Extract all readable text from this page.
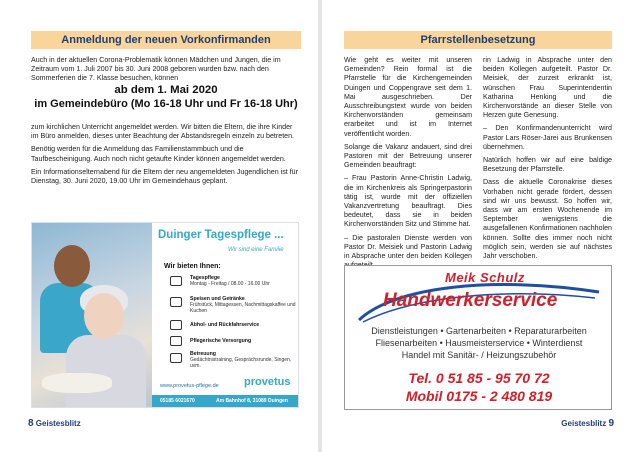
Anmeldung der neuen Vorkonfirmanden
Auch in der aktuellen Corona-Problematik können Mädchen und Jungen, die im Zeitraum vom 1. Juli 2007 bis 30. Juni 2008 geboren wurden bzw. nach den Sommerferien die 7. Klasse besuchen, können
ab dem 1. Mai 2020
im Gemeindebüro (Mo 16-18 Uhr und Fr 16-18 Uhr)

zum kirchlichen Unterricht angemeldet werden. Wir bitten die Eltern, die ihre Kinder im Büro anmelden, dieses unter Beachtung der Abstandsregeln einzeln zu betreten.

Benötig werden für die Anmeldung das Familienstammbuch und die Taufbescheinigung. Auch noch nicht getaufte Kinder können angemeldet werden.

Ein Informationselternabend für die Eltern der neu angemeldeten Jugendlichen ist für Dienstag, 30. Juni 2020, 19.00 Uhr im Gemeindehaus geplant.

Duinger Tagespflege ...
Wir sind eine Familie
Wir bieten Ihnen:
Tagespflege
Montag - Freitag / 08.00 - 16.00 Uhr
Speisen und Getränke
Frühstück, Mittagessen, Nachmittagskaffee und Kuchen
Abhol- und Rückfahrservice
Pflegerische Versorgung
Betreuung
Gedächtnistraining, Gesprächsrunde, Singen, uvm.
www.provetus-pflege.de provetus
05185 6021670	Am Bahnhof 8, 31089 Duingen
8 Geistesblitz
Pfarrstellenbesetzung

Wie geht es weiter mit unseren Gemeinden? Rein formal ist die Pfarrstelle für die Kirchengemeinden Duingen und Coppengrave seit dem 1. Mai ausgeschrieben. Der Ausschreibungstext wurde von beiden Kirchenvorständen gemeinsam erarbeitet und ist im Internet veröffentlicht worden.

Solange die Vakanz andauert, sind drei Pastoren mit der Betreuung unserer Gemeinden beauftragt:

– Frau Pastorin Anne-Christin Ladwig, die im Kirchenkreis als Springerpastorin tätig ist, wurde mit der offiziellen Vakanzvertretung beauftragt. Dies bedeutet, dass sie in beiden Kirchenvorständen Sitz und Stimme hat.

– Die pastoralen Dienste werden von Pastor Dr. Meisiek und Pastorin Ladwig in Absprache unter den beiden Kollegen

rin Ladwig in Absprache unter den beiden Kollegen aufgeteilt. Pastor Dr. Meisiek, der zurzeit erkrankt ist, wünschen Frau Superintendentin Katharina Henking und die Kirchenvorstände an dieser Stelle von Herzen gute Genesung.

– Den Konfirmandenunterricht wird Pastor Lars Röser-Jarei aus Brunkensen übernehmen.

Natürlich hoffen wir auf eine baldige Besetzung der Pfarrstelle.

Dass die aktuelle Coronakrise dieses Vorhaben nicht gerade fördert, dessen sind wir uns bewusst. So hoffen wir, dass wir am ersten Wochenende im September wenigstens die ausgefallenen Konfirmationen nachholen können. Sollte dies immer noch nicht möglich sein, werden sie auf nächstes Jahr verschoben.

Meik Schulz
Handwerkerservice
Dienstleistungen • Gartenarbeiten • Reparaturarbeiten
Fliesenarbeiten • Hausmeisterservice • Winterdienst
Handel mit Sanitär- / Heizungszubehör
Tel. 0 51 85 - 95 70 72
Mobil 0175 - 2 480 819
Geistesblitz 9
